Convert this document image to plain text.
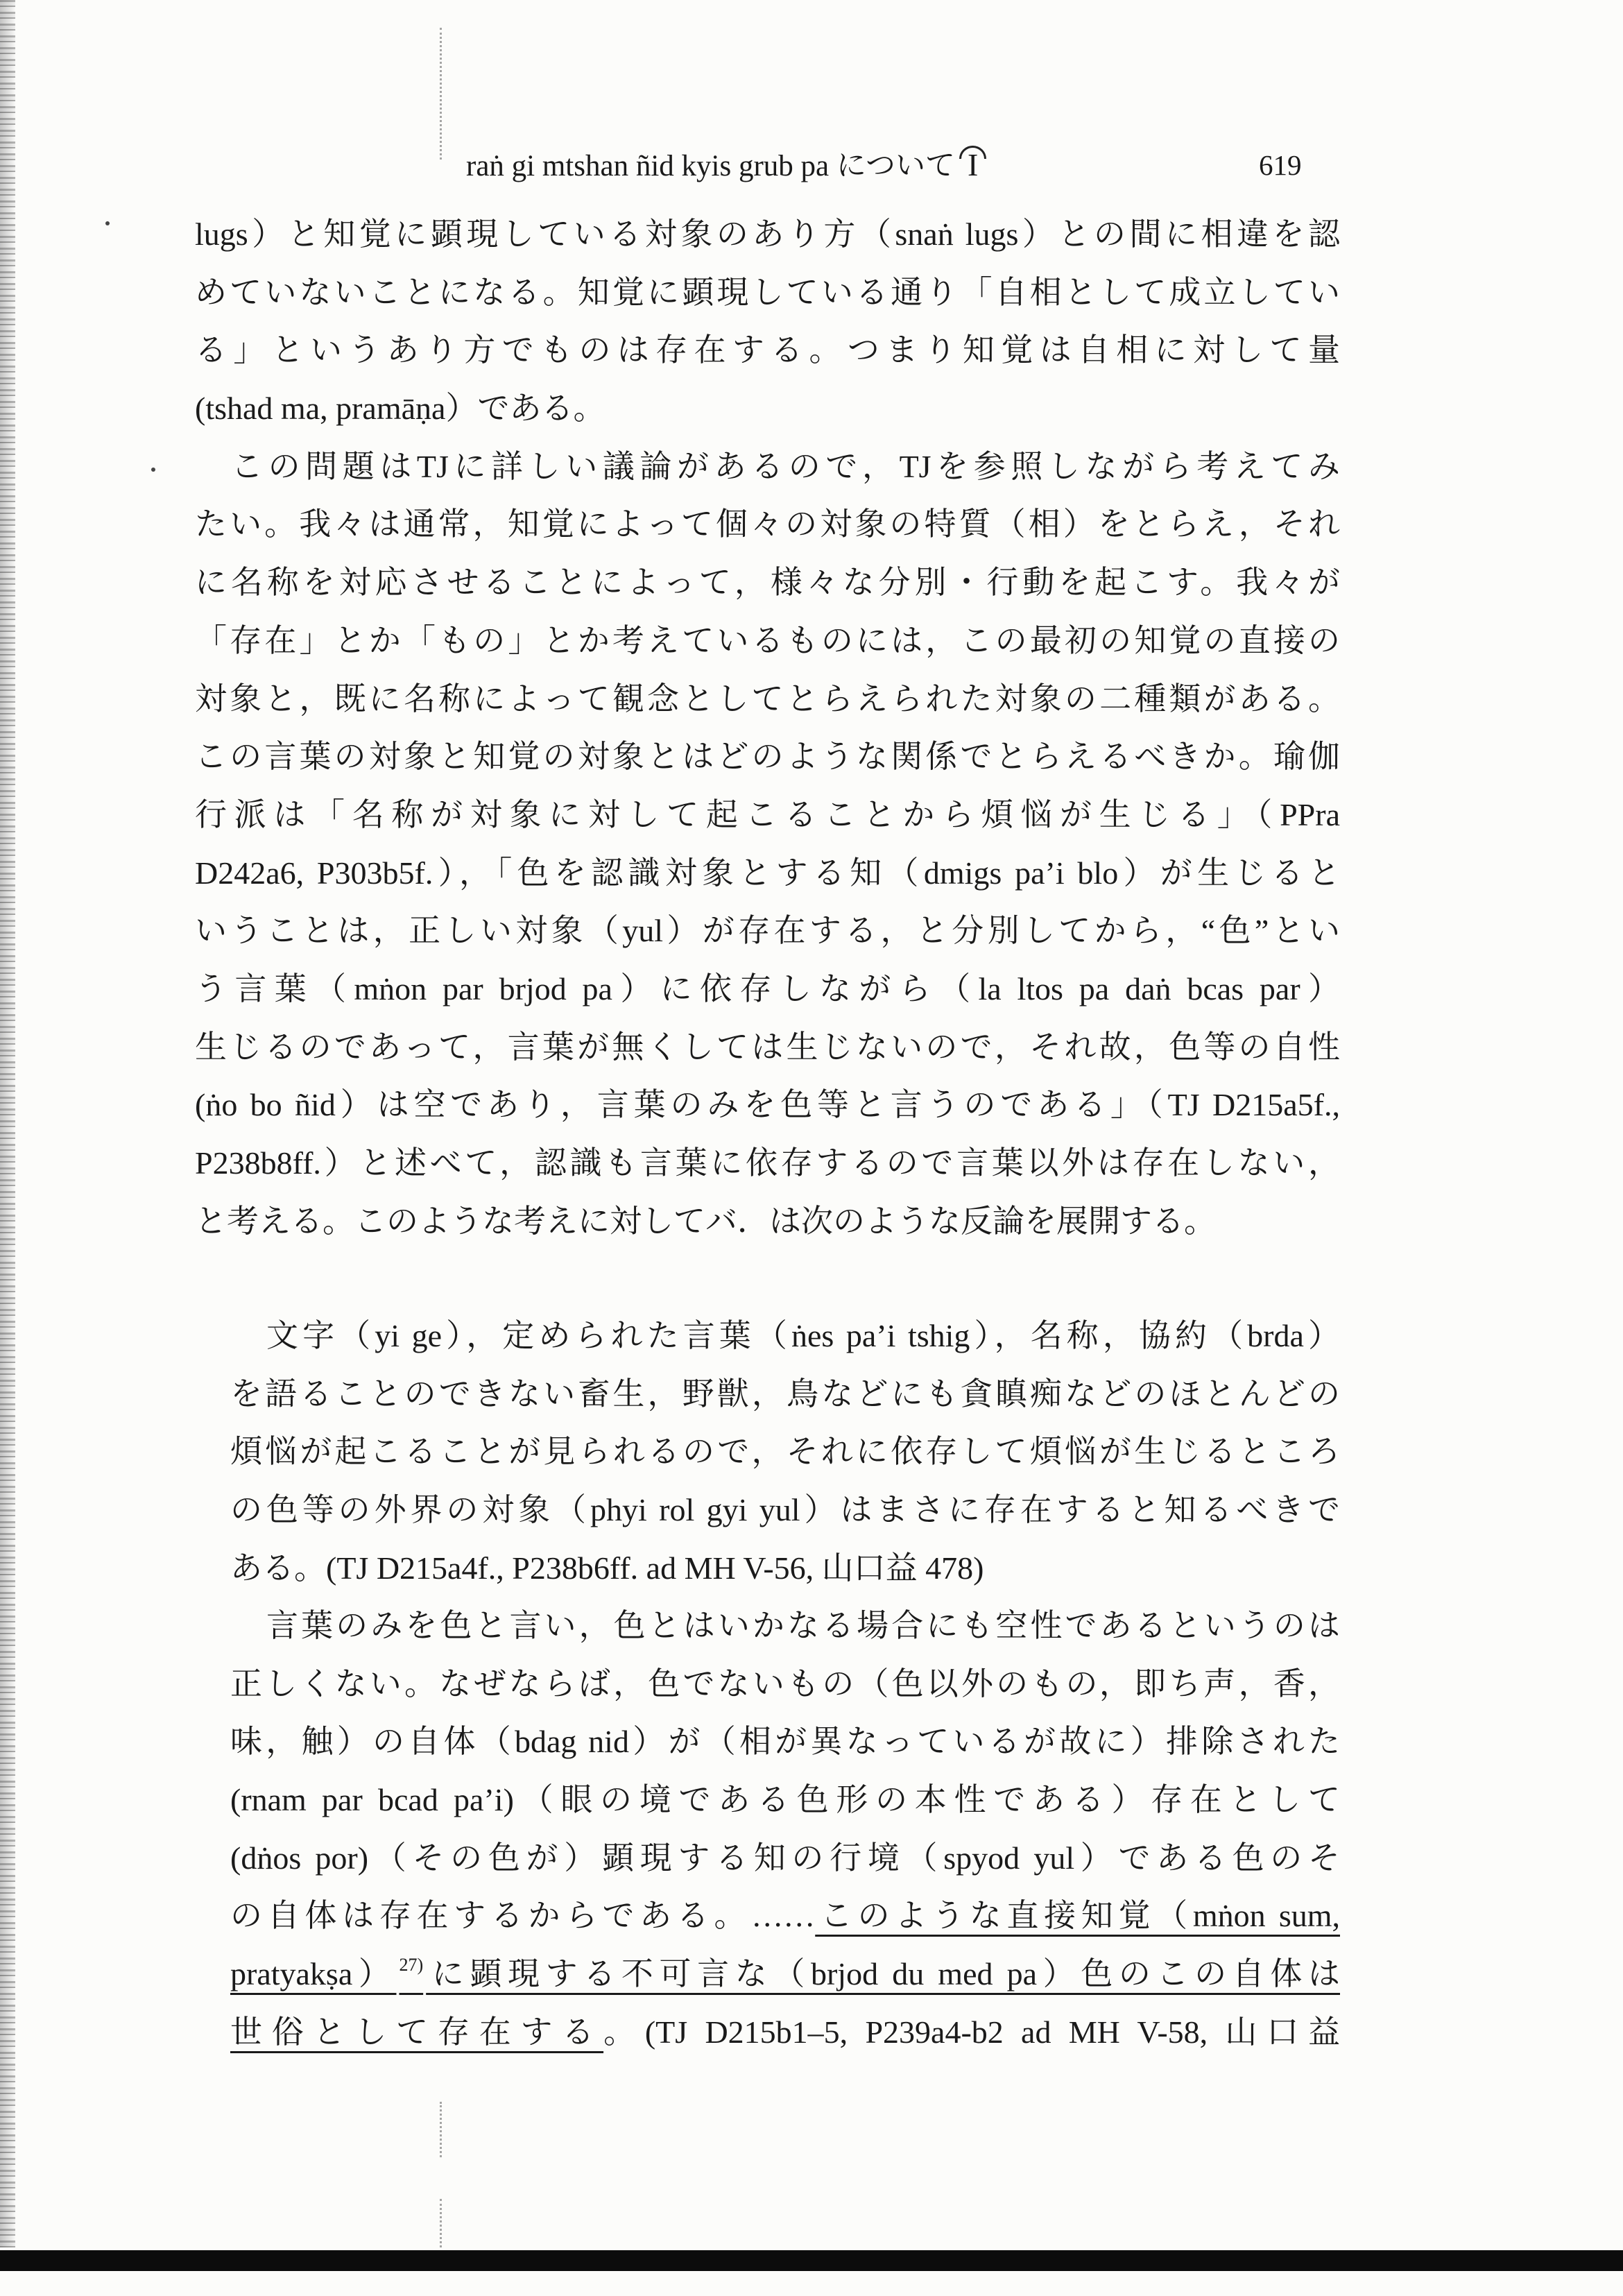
raṅ gi mtshan ñid kyis grub pa について I	619
lugs）と知覚に顕現している対象のあり方（snaṅ lugs）との間に相違を認
めていないことになる。知覚に顕現している通り「自相として成立してい
る」というあり方でものは存在する。つまり知覚は自相に対して量
(tshad ma, pramāṇa）である。
この問題はTJに詳しい議論があるので，TJを参照しながら考えてみ
たい。我々は通常，知覚によって個々の対象の特質（相）をとらえ，それ
に名称を対応させることによって，様々な分別・行動を起こす。我々が
「存在」とか「もの」とか考えているものには，この最初の知覚の直接の
対象と，既に名称によって観念としてとらえられた対象の二種類がある。
この言葉の対象と知覚の対象とはどのような関係でとらえるべきか。瑜伽
行派は「名称が対象に対して起こることから煩悩が生じる」（PPra
D242a6, P303b5f.），「色を認識対象とする知（dmigs pa’i blo）が生じると
いうことは，正しい対象（yul）が存在する，と分別してから，“色”とい
う言葉（mṅon par brjod pa）に依存しながら（la ltos pa daṅ bcas par）
生じるのであって，言葉が無くしては生じないので，それ故，色等の自性
(ṅo bo ñid）は空であり，言葉のみを色等と言うのである」（TJ D215a5f.,
P238b8ff.）と述べて，認識も言葉に依存するので言葉以外は存在しない，
と考える。このような考えに対してバ．は次のような反論を展開する。
文字（yi ge），定められた言葉（ṅes pa’i tshig），名称，協約（brda）
を語ることのできない畜生，野獣，鳥などにも貪瞋痴などのほとんどの
煩悩が起こることが見られるので，それに依存して煩悩が生じるところ
の色等の外界の対象（phyi rol gyi yul）はまさに存在すると知るべきで
ある。(TJ D215a4f., P238b6ff. ad MH V-56, 山口益 478)
言葉のみを色と言い，色とはいかなる場合にも空性であるというのは
正しくない。なぜならば，色でないもの（色以外のもの，即ち声，香，
味，触）の自体（bdag nid）が（相が異なっているが故に）排除された
(rnam par bcad pa’i)（眼の境である色形の本性である）存在として
(dṅos por)（その色が）顕現する知の行境（spyod yul）である色のそ
の自体は存在するからである。……このような直接知覚（mṅon sum,
pratyakṣa） $^{27)}$に顕現する不可言な（brjod du med pa）色のこの自体は
世俗として存在する。(TJ D215b1–5, P239a4-b2 ad MH V-58, 山口益
